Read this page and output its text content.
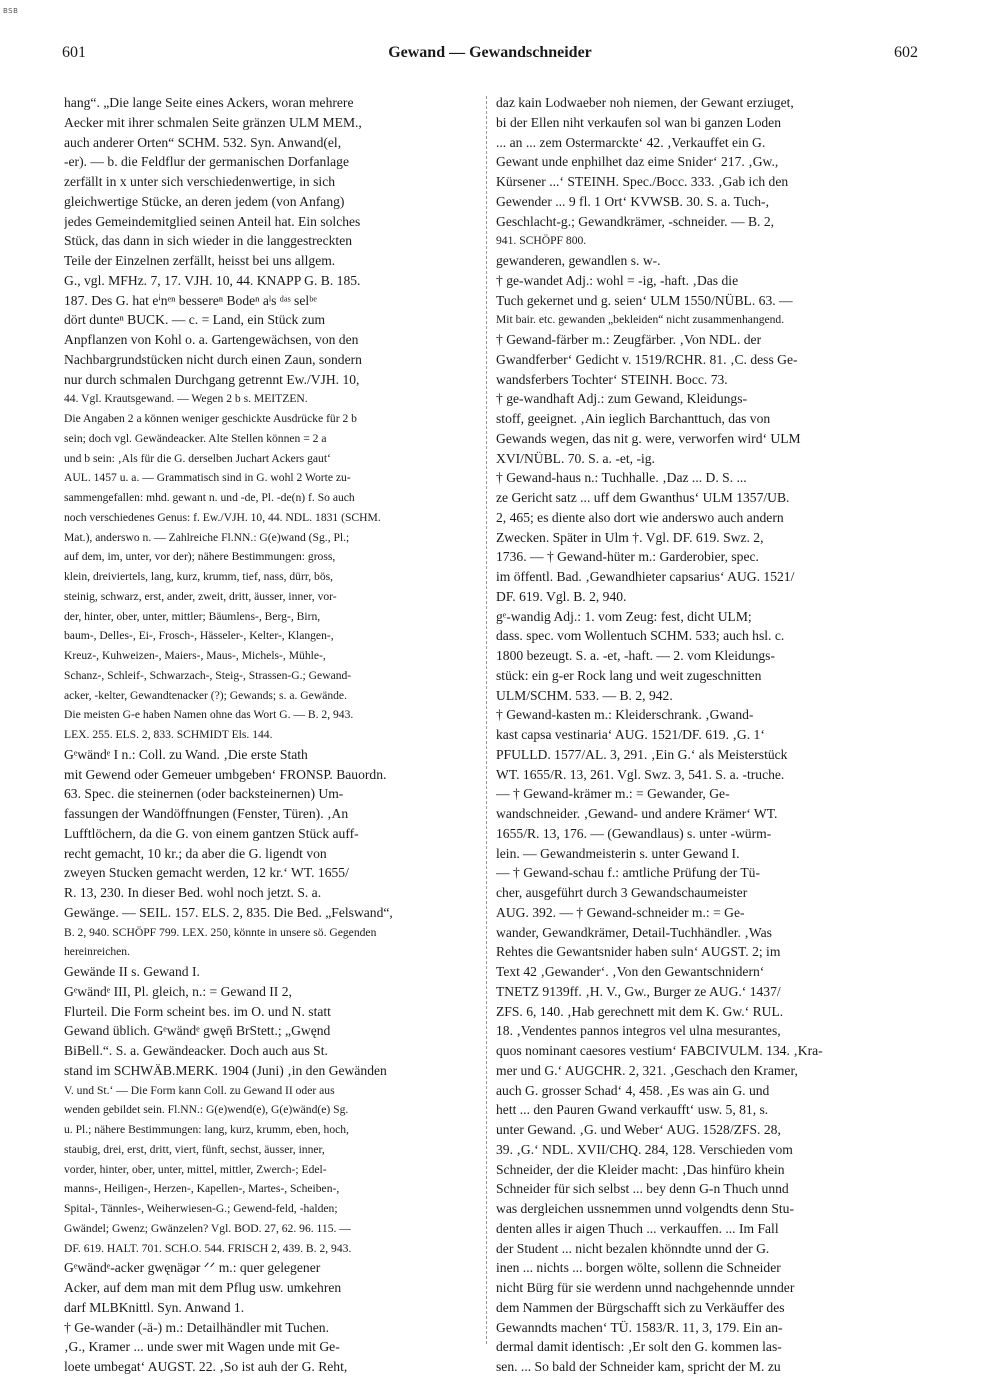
BSB
601	Gewand — Gewandschneider	602
hang“. „Die lange Seite eines Ackers, woran mehrere
Aecker mit ihrer schmalen Seite gränzen ULM MEM.,
auch anderer Orten“ SCHM. 532. Syn. Anwand(el,
-er). — b. die Feldflur der germanischen Dorfanlage
zerfällt in x unter sich verschiedenwertige, in sich
gleichwertige Stücke, an deren jedem (von Anfang)
jedes Gemeindemitglied seinen Anteil hat. Ein solches
Stück, das dann in sich wieder in die langgestreckten
Teile der Einzelnen zerfällt, heisst bei uns allgem.
G., vgl. MFHz. 7, 17. VJH. 10, 44. KNAPP G. B. 185.
187. Des G. hat eⁱnᵉⁿ bessereⁿ Bodeⁿ aˡs ᵈᵃˢ selᵇᵉ
dört dunteⁿ BUCK. — c. = Land, ein Stück zum
Anpflanzen von Kohl o. a. Gartengewächsen, von den
Nachbargrundstücken nicht durch einen Zaun, sondern
nur durch schmalen Durchgang getrennt Ew./VJH. 10,
44. Vgl. Krautsgewand. — Wegen 2 b s. MEITZEN.
Die Angaben 2 a können weniger geschickte Ausdrücke für 2 b
sein; doch vgl. Gewändeacker. Alte Stellen können = 2 a
und b sein: ‚Als für die G. derselben Juchart Ackers gaut‘
AUL. 1457 u. a. — Grammatisch sind in G. wohl 2 Worte zu-
sammengefallen: mhd. gewant n. und -de, Pl. -de(n) f. So auch
noch verschiedenes Genus: f. Ew./VJH. 10, 44. NDL. 1831 (SCHM.
Mat.), anderswo n. — Zahlreiche Fl.NN.: G(e)wand (Sg., Pl.;
auf dem, im, unter, vor der); nähere Bestimmungen: gross,
klein, dreiviertels, lang, kurz, krumm, tief, nass, dürr, bös,
steinig, schwarz, erst, ander, zweit, dritt, äusser, inner, vor-
der, hinter, ober, unter, mittler; Bäumlens-, Berg-, Birn,
baum-, Delles-, Ei-, Frosch-, Hässeler-, Kelter-, Klangen-,
Kreuz-, Kuhweizen-, Maiers-, Maus-, Michels-, Mühle-,
Schanz-, Schleif-, Schwarzach-, Steig-, Strassen-G.; Gewand-
acker, -kelter, Gewandtenacker (?); Gewands; s. a. Gewände.
Die meisten G-e haben Namen ohne das Wort G. — B. 2, 943.
LEX. 255. ELS. 2, 833. SCHMIDT Els. 144.
Gᵉwändᵉ I n.: Coll. zu Wand. ‚Die erste Stath
mit Gewend oder Gemeuer umbgeben‘ FRONSP. Bauordn.
63. Spec. die steinernen (oder backsteinernen) Um-
fassungen der Wandöffnungen (Fenster, Türen). ‚An
Lufftlöchern, da die G. von einem gantzen Stück auff-
recht gemacht, 10 kr.; da aber die G. ligendt von
zweyen Stucken gemacht werden, 12 kr.‘ WT. 1655/
R. 13, 230. In dieser Bed. wohl noch jetzt. S. a.
Gewänge. — SEIL. 157. ELS. 2, 835. Die Bed. „Felswand“,
B. 2, 940. SCHÖPF 799. LEX. 250, könnte in unsere sö. Gegenden
hereinreichen.
Gewände II s. Gewand I.
Gᵉwändᵉ III, Pl. gleich, n.: = Gewand II 2,
Flurteil. Die Form scheint bes. im O. und N. statt
Gewand üblich. Gᵉwändᵉ gwęn̄ BrStett.; „Gwęnd
BiBell.“. S. a. Gewändeacker. Doch auch aus St.
stand im SCHWÄB.MERK. 1904 (Juni) ‚in den Gewänden
V. und St.‘ — Die Form kann Coll. zu Gewand II oder aus
wenden gebildet sein. Fl.NN.: G(e)wend(e), G(e)wänd(e) Sg.
u. Pl.; nähere Bestimmungen: lang, kurz, krumm, eben, hoch,
staubig, drei, erst, dritt, viert, fünft, sechst, äusser, inner,
vorder, hinter, ober, unter, mittel, mittler, Zwerch-; Edel-
manns-, Heiligen-, Herzen-, Kapellen-, Martes-, Scheiben-,
Spital-, Tännles-, Weiherwiesen-G.; Gewend-feld, -halden;
Gwändel; Gwenz; Gwänzelen? Vgl. BOD. 27, 62. 96. 115. —
DF. 619. HALT. 701. SCH.O. 544. FRISCH 2, 439. B. 2, 943.
Gᵉwändᵉ-acker gwęnägər ᐟᐟ m.: quer gelegener
Acker, auf dem man mit dem Pflug usw. umkehren
darf MLBKnittl. Syn. Anwand 1.
† Ge-wander (-ä-) m.: Detailhändler mit Tuchen.
‚G., Kramer ... unde swer mit Wagen unde mit Ge-
loete umbegat‘ AUGST. 22. ‚So ist auh der G. Reht,
daz kain Lodwaeber noh niemen, der Gewant erziuget,
bi der Ellen niht verkaufen sol wan bi ganzen Loden
... an ... zem Ostermarckte‘ 42. ‚Verkauffet ein G.
Gewant unde enphilhet daz eime Snider‘ 217. ‚Gw.,
Kürsener ...‘ STEINH. Spec./Bocc. 333. ‚Gab ich den
Gewender ... 9 fl. 1 Ort‘ KVWSB. 30. S. a. Tuch-,
Geschlacht-g.; Gewandkrämer, -schneider. — B. 2,
941. SCHÖPF 800.
gewanderen, gewandlen s. w-.
† ge-wandet Adj.: wohl = -ig, -haft. ‚Das die
Tuch gekernet und g. seien‘ ULM 1550/NÜBL. 63. —
Mit bair. etc. gewanden „bekleiden“ nicht zusammenhangend.
† Gewand-färber m.: Zeugfärber. ‚Von NDL. der
Gwandferber‘ Gedicht v. 1519/RCHR. 81. ‚C. dess Ge-
wandsferbers Tochter‘ STEINH. Bocc. 73.
† ge-wandhaft Adj.: zum Gewand, Kleidungs-
stoff, geeignet. ‚Ain ieglich Barchanttuch, das von
Gewands wegen, das nit g. were, verworfen wird‘ ULM
XVI/NÜBL. 70. S. a. -et, -ig.
† Gewand-haus n.: Tuchhalle. ‚Daz ... D. S. ...
ze Gericht satz ... uff dem Gwanthus‘ ULM 1357/UB.
2, 465; es diente also dort wie anderswo auch andern
Zwecken. Später in Ulm †. Vgl. DF. 619. Swz. 2,
1736. — † Gewand-hüter m.: Garderobier, spec.
im öffentl. Bad. ‚Gewandhieter capsarius‘ AUG. 1521/
DF. 619. Vgl. B. 2, 940.
gᵉ-wandig Adj.: 1. vom Zeug: fest, dicht ULM;
dass. spec. vom Wollentuch SCHM. 533; auch hsl. c.
1800 bezeugt. S. a. -et, -haft. — 2. vom Kleidungs-
stück: ein g-er Rock lang und weit zugeschnitten
ULM/SCHM. 533. — B. 2, 942.
† Gewand-kasten m.: Kleiderschrank. ‚Gwand-
kast capsa vestinaria‘ AUG. 1521/DF. 619. ‚G. 1‘
PFULLD. 1577/AL. 3, 291. ‚Ein G.‘ als Meisterstück
WT. 1655/R. 13, 261. Vgl. Swz. 3, 541. S. a. -truche.
— † Gewand-krämer m.: = Gewander, Ge-
wandschneider. ‚Gewand- und andere Krämer‘ WT.
1655/R. 13, 176. — (Gewandlaus) s. unter -würm-
lein. — Gewandmeisterin s. unter Gewand I.
— † Gewand-schau f.: amtliche Prüfung der Tü-
cher, ausgeführt durch 3 Gewandschaumeister
AUG. 392. — † Gewand-schneider m.: = Ge-
wander, Gewandkrämer, Detail-Tuchhändler. ‚Was
Rehtes die Gewantsnider haben suln‘ AUGST. 2; im
Text 42 ‚Gewander‘. ‚Von den Gewantschnidern‘
TNETZ 9139ff. ‚H. V., Gw., Burger ze AUG.‘ 1437/
ZFS. 6, 140. ‚Hab gerechnett mit dem K. Gw.‘ RUL.
18. ‚Vendentes pannos integros vel ulna mesurantes,
quos nominant caesores vestium‘ FABCIVULM. 134. ‚Kra-
mer und G.‘ AUGCHR. 2, 321. ‚Geschach den Kramer,
auch G. grosser Schad‘ 4, 458. ‚Es was ain G. und
hett ... den Pauren Gwand verkaufft‘ usw. 5, 81, s.
unter Gewand. ‚G. und Weber‘ AUG. 1528/ZFS. 28,
39. ‚G.‘ NDL. XVII/CHQ. 284, 128. Verschieden vom
Schneider, der die Kleider macht: ‚Das hinfüro khein
Schneider für sich selbst ... bey denn G-n Thuch unnd
was dergleichen ussnemmen unnd volgendts denn Stu-
denten alles ir aigen Thuch ... verkauffen. ... Im Fall
der Student ... nicht bezalen khönndte unnd der G.
inen ... nichts ... borgen wölte, sollenn die Schneider
nicht Bürg für sie werdenn unnd nachgehennde unnder
dem Nammen der Bürgschafft sich zu Verkäuffer des
Gewanndts machen‘ TÜ. 1583/R. 11, 3, 179. Ein an-
dermal damit identisch: ‚Er solt den G. kommen las-
sen. ... So bald der Schneider kam, spricht der M. zu
